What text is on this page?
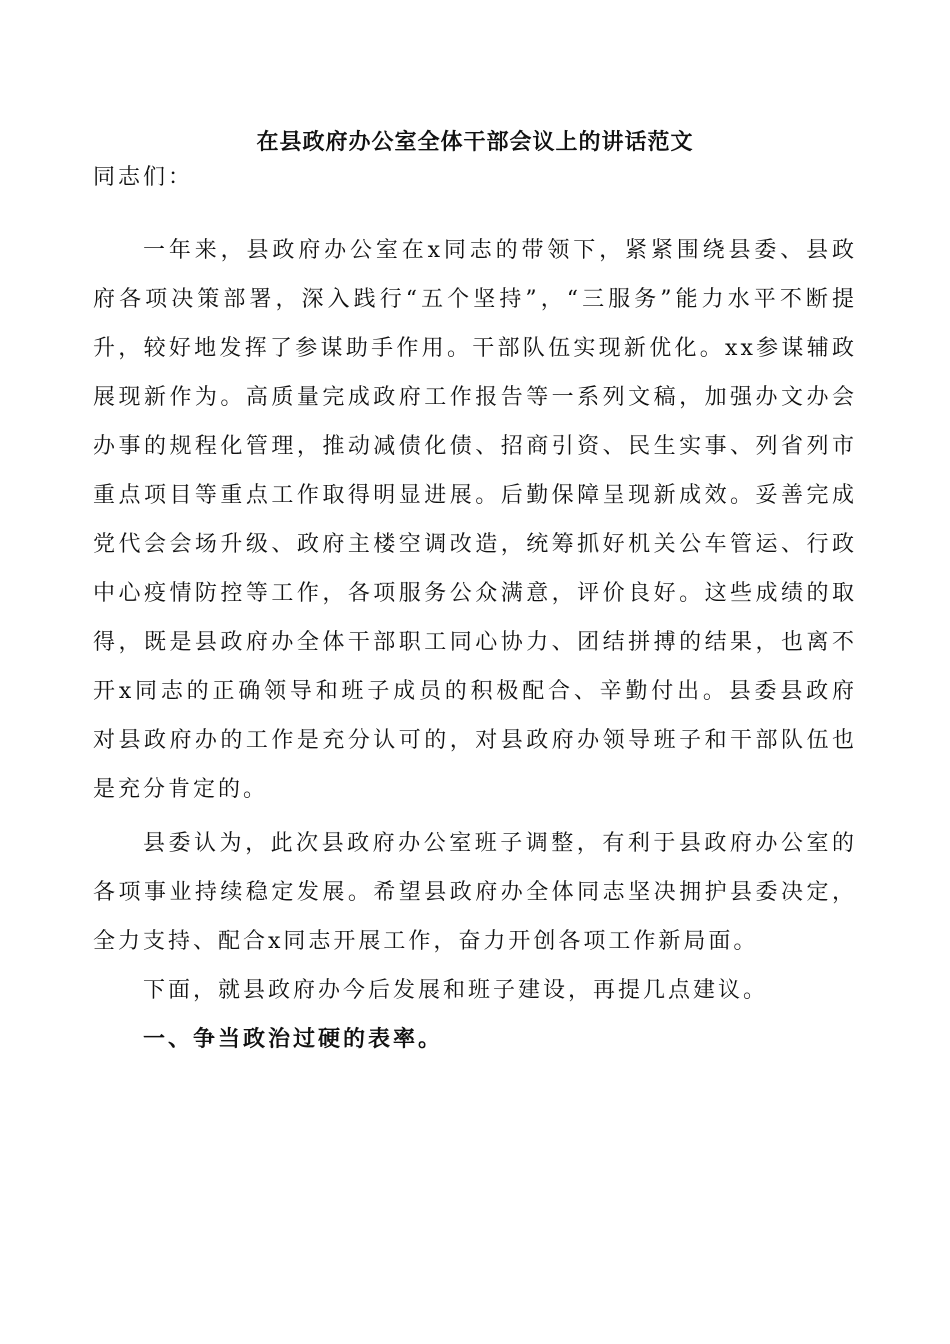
在县政府办公室全体干部会议上的讲话范文

同志们：

一年来，县政府办公室在x同志的带领下，紧紧围绕县委、县政府各项决策部署，深入践行“五个坚持”，“三服务”能力水平不断提升，较好地发挥了参谋助手作用。干部队伍实现新优化。xx参谋辅政展现新作为。高质量完成政府工作报告等一系列文稿，加强办文办会办事的规程化管理，推动减债化债、招商引资、民生实事、列省列市重点项目等重点工作取得明显进展。后勤保障呈现新成效。妥善完成党代会会场升级、政府主楼空调改造，统筹抓好机关公车管运、行政中心疫情防控等工作，各项服务公众满意，评价良好。这些成绩的取得，既是县政府办全体干部职工同心协力、团结拼搏的结果，也离不开x同志的正确领导和班子成员的积极配合、辛勤付出。县委县政府对县政府办的工作是充分认可的，对县政府办领导班子和干部队伍也是充分肯定的。

县委认为，此次县政府办公室班子调整，有利于县政府办公室的各项事业持续稳定发展。希望县政府办全体同志坚决拥护县委决定，全力支持、配合x同志开展工作，奋力开创各项工作新局面。

下面，就县政府办今后发展和班子建设，再提几点建议。

一、争当政治过硬的表率。
